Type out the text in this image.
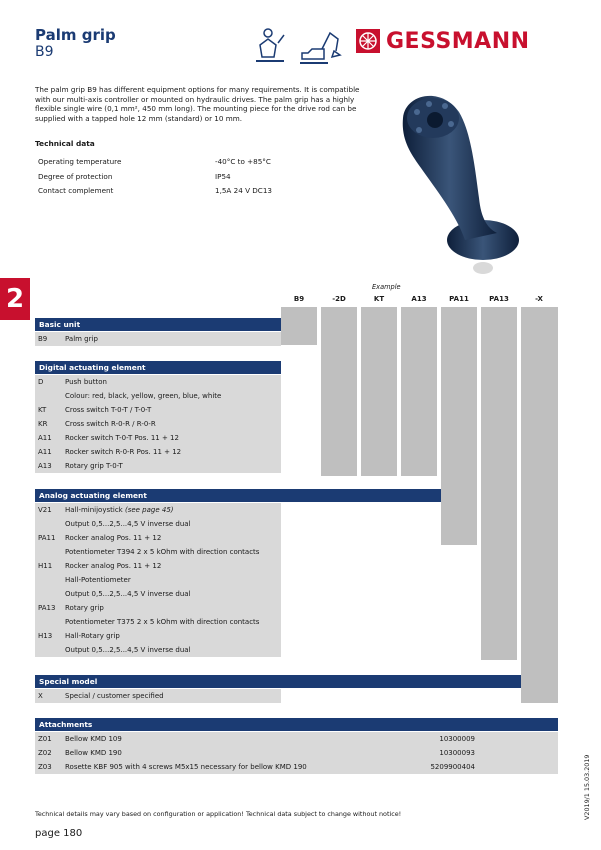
Palm grip
B9	GESSMANN
The palm grip B9 has different equipment options for many requirements. It is compatible with our multi-axis controller or mounted on hydraulic drives. The palm grip has a highly flexible single wire (0,1 mm², 450 mm long). The mounting piece for the drive rod can be supplied with a tapped hole 12 mm (standard) or 10 mm.
Technical data
Operating temperature	-40°C to +85°C
Degree of protection	IP54
Contact complement	1,5A 24 V DC13
2	Example
B9	-2D	KT	A13	PA11	PA13	-X
Basic unit
B9	Palm grip
Digital actuating element
D	Push button
Colour: red, black, yellow, green, blue, white
KT	Cross switch T-0-T / T-0-T
KR	Cross switch R-0-R / R-0-R
A11 Rocker switch T-0-T Pos. 11 + 12
A11 Rocker switch R-0-R Pos. 11 + 12
A13 Rotary grip T-0-T
Analog actuating element
V21 Hall-minijoystick (see page 45)
Output 0,5...2,5...4,5 V inverse dual
PA11 Rocker analog Pos. 11 + 12
Potentiometer T394 2 x 5 kOhm with direction contacts
H11 Rocker analog Pos. 11 + 12
Hall-Potentiometer
Output 0,5...2,5...4,5 V inverse dual
PA13 Rotary grip
Potentiometer T375 2 x 5 kOhm with direction contacts
H13 Hall-Rotary grip
Output 0,5...2,5...4,5 V inverse dual
Special model
X	Special / customer specified
Attachments
Z01 Bellow KMD 109	10300009
Z02 Bellow KMD 190	10300093
Z03 Rosette KBF 905 with 4 screws M5x15 necessary for bellow KMD 190	5209900404
Technical details may vary based on configuration or application! Technical data subject to change without notice!
page 180
V2019/1 15.03.2019
